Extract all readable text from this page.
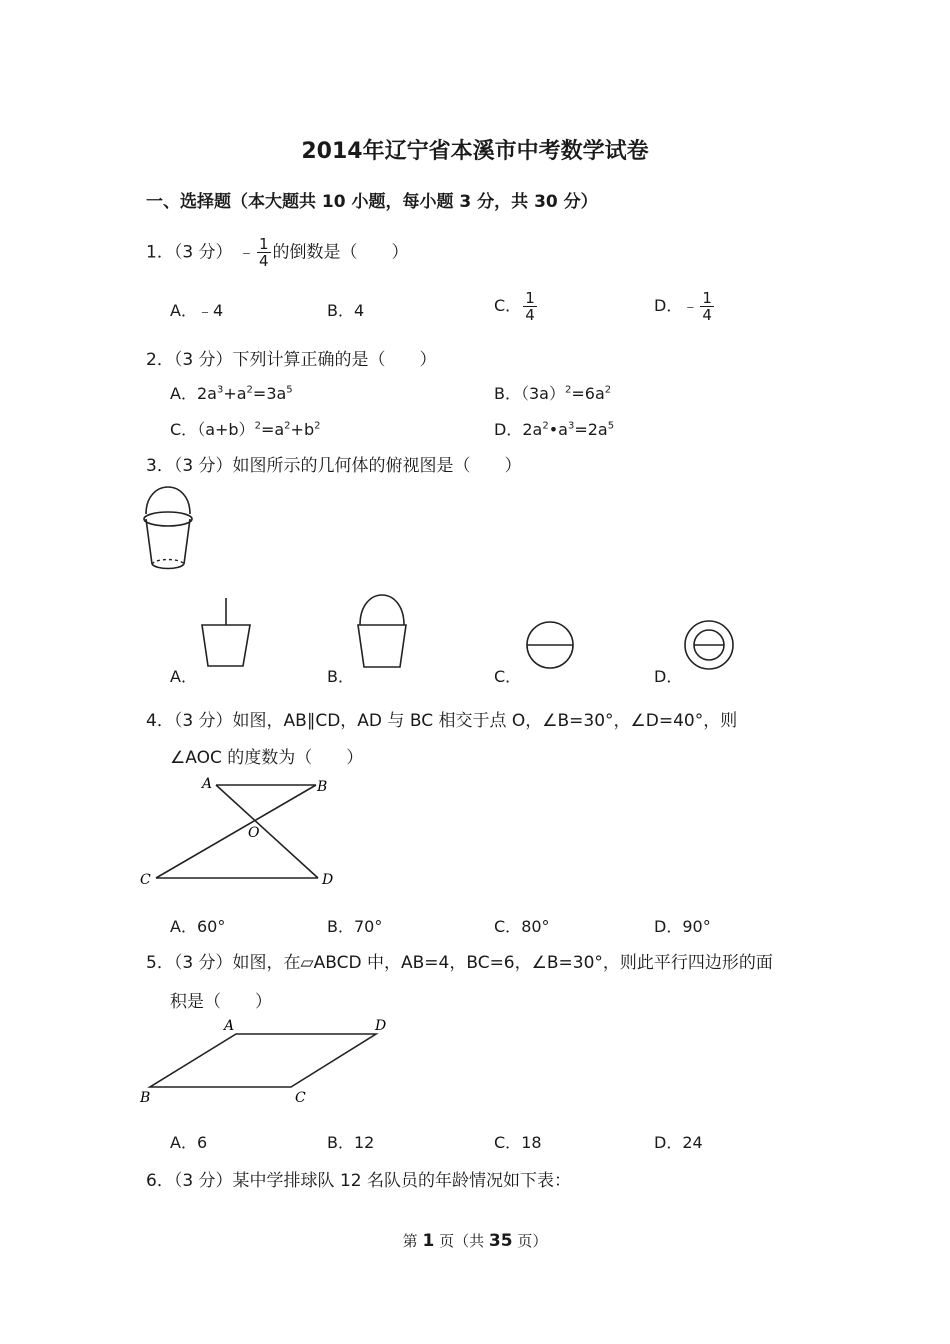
2014年辽宁省本溪市中考数学试卷
一、选择题（本大题共 10 小题，每小题 3 分，共 30 分）
1．（3 分） ﹣ $\frac{1}{4}$ 的倒数是（　　）
A．﹣4	B．4	C． $\frac{1}{4}$	D．﹣ $\frac{1}{4}$
2．（3 分）下列计算正确的是（　　）
A．$2a^3+a^2=3a^5$	B．$(3a)^2=6a^2$
C．$(a+b)^2=a^2+b^2$	D．$2a^2•a^3=2a^5$
3．（3 分）如图所示的几何体的俯视图是（　　）
A．	B．	C．	D．
4．（3 分）如图，AB∥CD，AD 与 BC 相交于点 O，∠B=30°，∠D=40°，则
∠AOC 的度数为（　　）
A	B
C	D
O
A．60°	B．70°	C．80°	D．90°
5．（3 分）如图，在▱ABCD 中，AB=4，BC=6，∠B=30°，则此平行四边形的面
积是（　　）
A	D
B	C
A．6	B．12	C．18	D．24
6．（3 分）某中学排球队 12 名队员的年龄情况如下表：
第 1 页（共 35 页）
